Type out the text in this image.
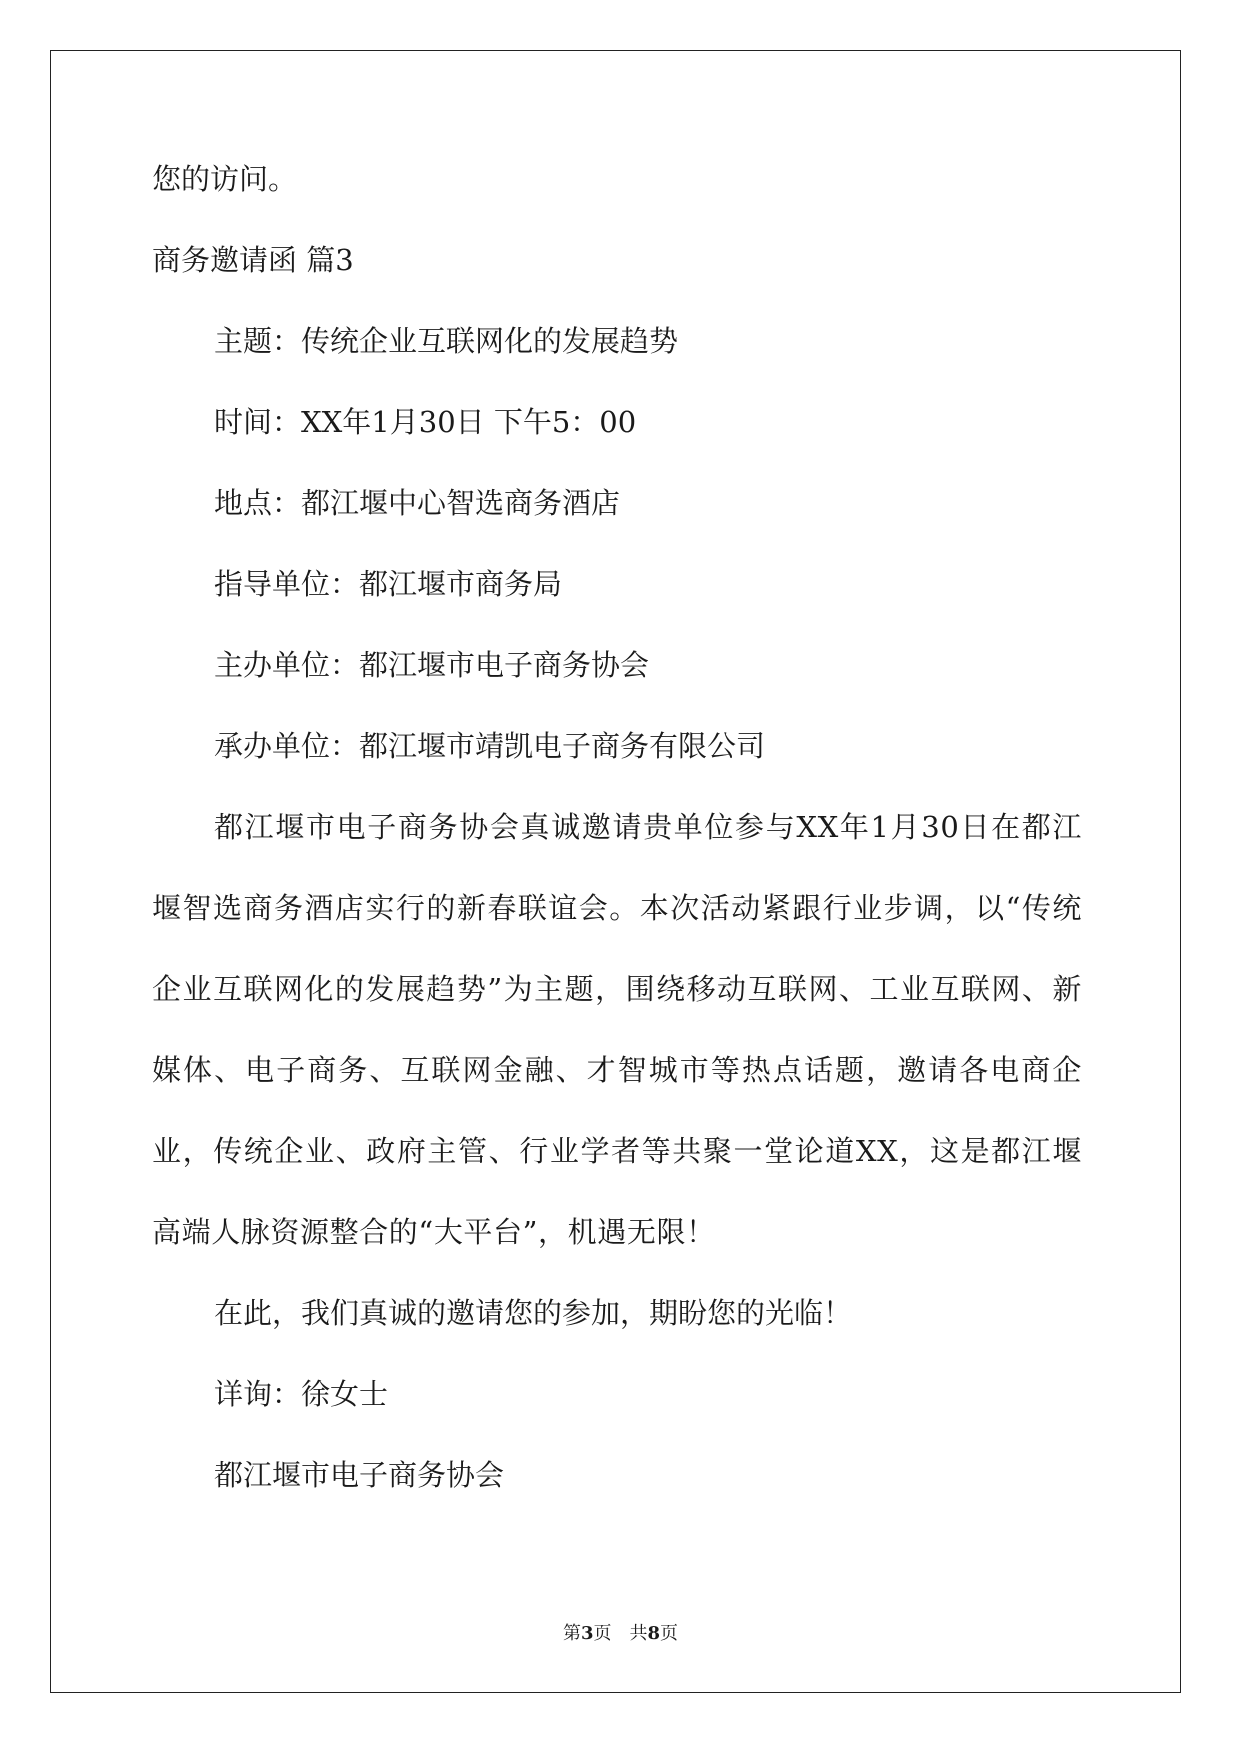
您的访问。

商务邀请函 篇3

主题：传统企业互联网化的发展趋势

时间：XX年1月30日 下午5：00

地点：都江堰中心智选商务酒店

指导单位：都江堰市商务局

主办单位：都江堰市电子商务协会

承办单位：都江堰市靖凯电子商务有限公司

都江堰市电子商务协会真诚邀请贵单位参与XX年1月30日在都江堰智选商务酒店实行的新春联谊会。本次活动紧跟行业步调，以“传统企业互联网化的发展趋势”为主题，围绕移动互联网、工业互联网、新媒体、电子商务、互联网金融、才智城市等热点话题，邀请各电商企业，传统企业、政府主管、行业学者等共聚一堂论道XX，这是都江堰高端人脉资源整合的“大平台”，机遇无限！

在此，我们真诚的邀请您的参加，期盼您的光临！

详询：徐女士

都江堰市电子商务协会

第3页　共8页
